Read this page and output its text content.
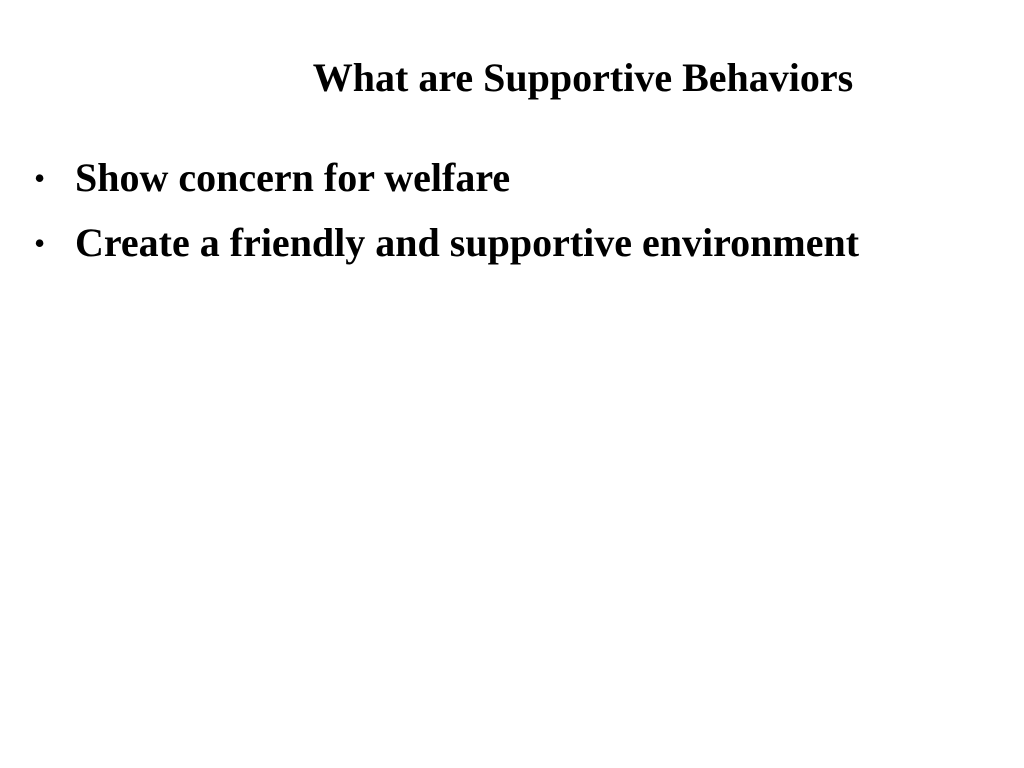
What are Supportive Behaviors
• Show concern for welfare
• Create a friendly and supportive environment
